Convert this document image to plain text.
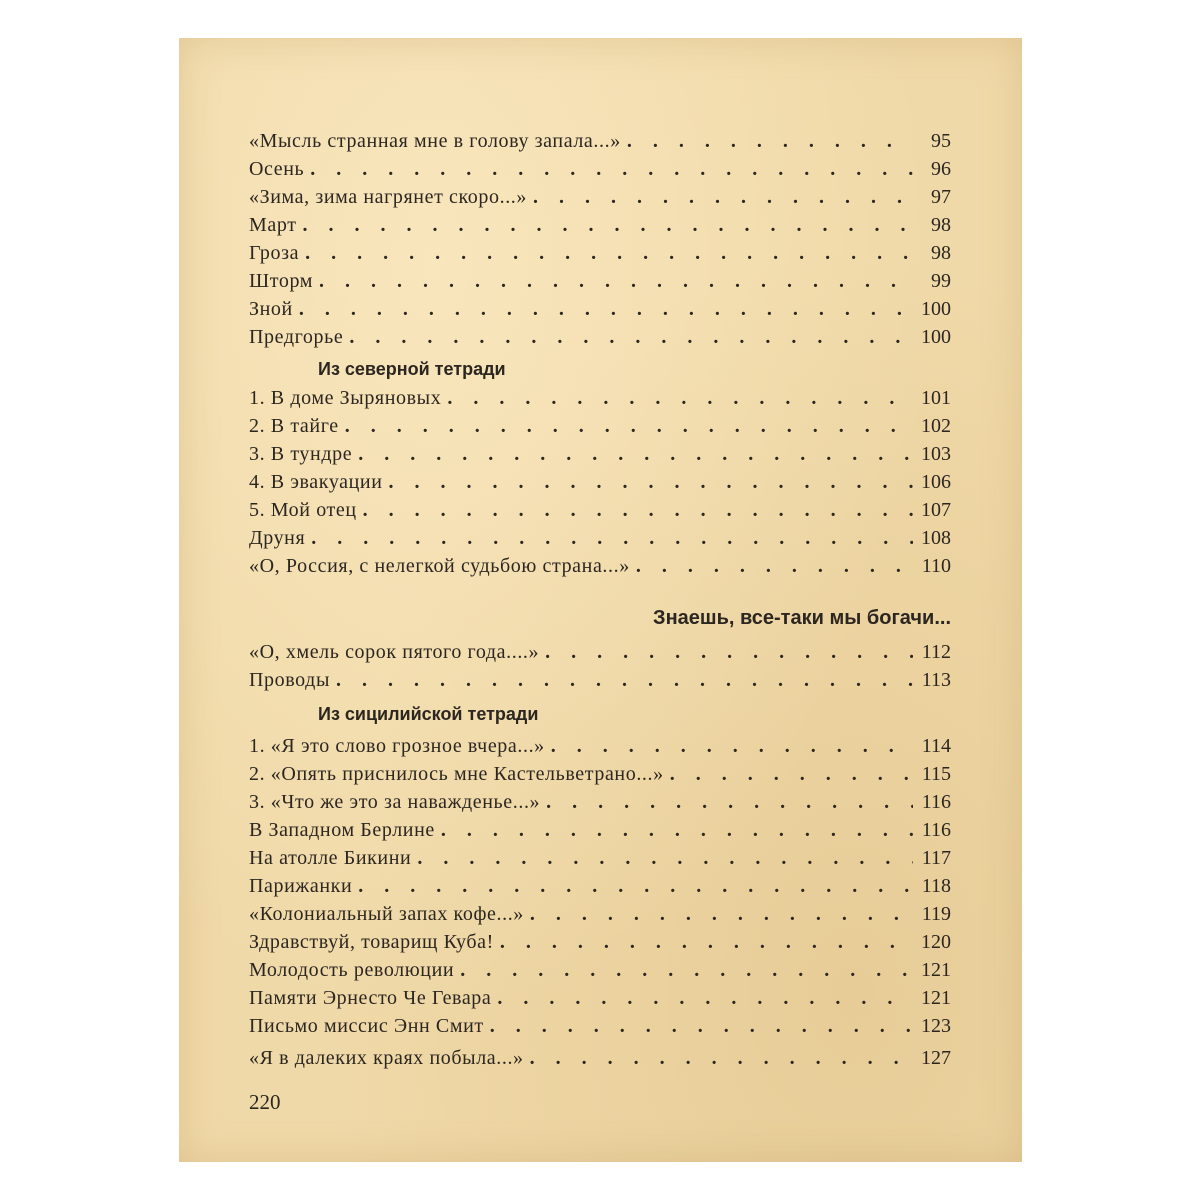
«Мысль странная мне в голову запала...» . . .	95
Осень . . .	96
«Зима, зима нагрянет скоро...» . . .	97
Март . . .	98
Гроза . . .	98
Шторм . . .	99
Зной . . .	100
Предгорье . . .	100
Из северной тетради
1. В доме Зыряновых . . .	101
2. В тайге . . .	102
3. В тундре . . .	103
4. В эвакуации . . .	106
5. Мой отец . . .	107
Друня . . .	108
«О, Россия, с нелегкой судьбою страна...» . . .	110
Знаешь, все-таки мы богачи...
«О, хмель сорок пятого года....» . . .	112
Проводы . . .	113
Из сицилийской тетради
1. «Я это слово грозное вчера...» . . .	114
2. «Опять приснилось мне Кастельветрано...» . . .	115
3. «Что же это за наважденье...» . . .	116
В Западном Берлине . . .	116
На атолле Бикини . . .	117
Парижанки . . .	118
«Колониальный запах кофе...» . . .	119
Здравствуй, товарищ Куба! . . .	120
Молодость революции . . .	121
Памяти Эрнесто Че Гевара . . .	121
Письмо миссис Энн Смит . . .	123
«Я в далеких краях побыла...» . . .	127
220
